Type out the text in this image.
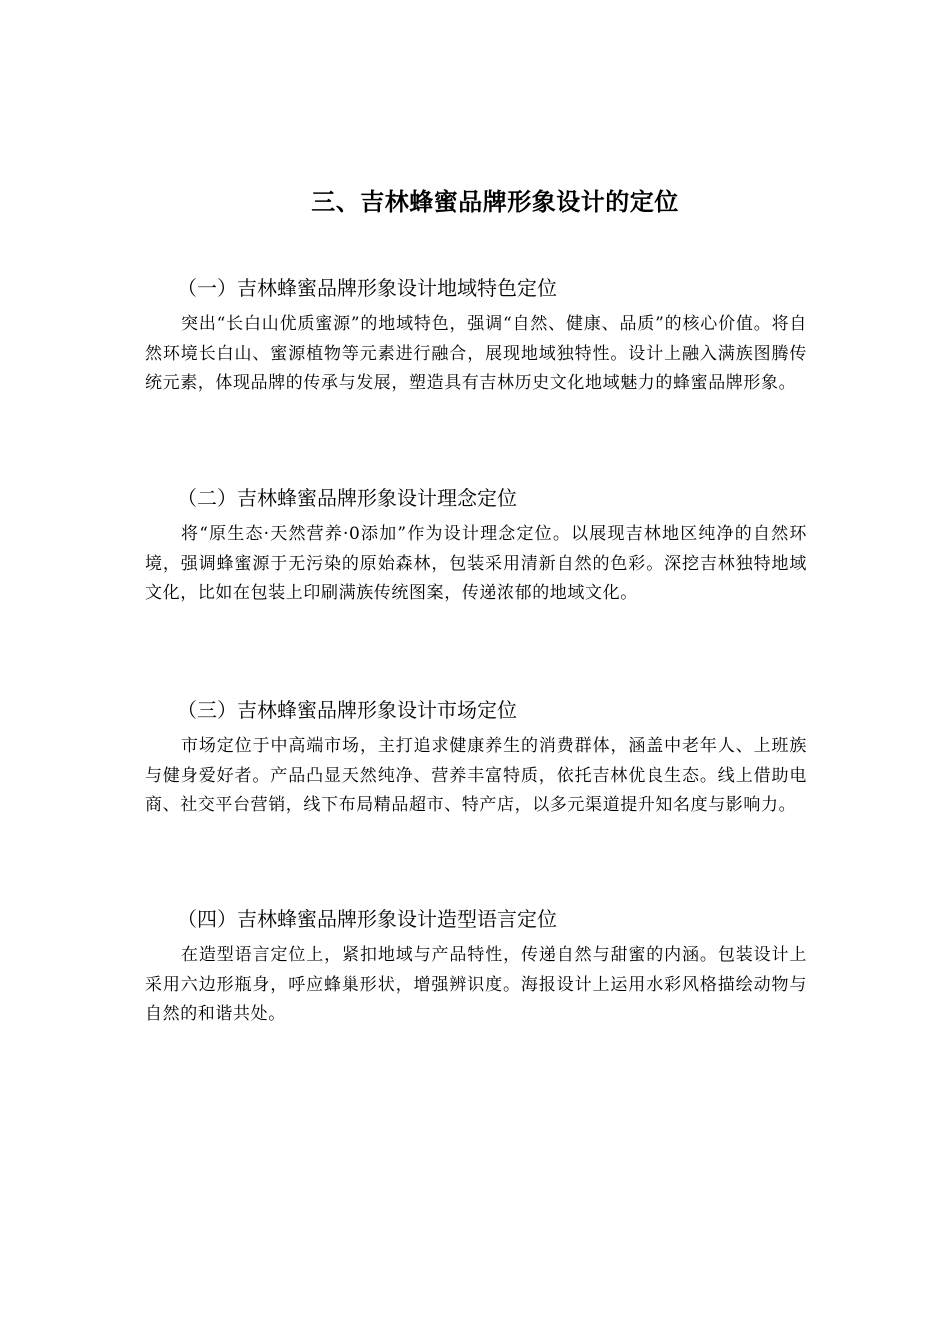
三、吉林蜂蜜品牌形象设计的定位
（一）吉林蜂蜜品牌形象设计地域特色定位

突出“长白山优质蜜源”的地域特色，强调“自然、健康、品质”的核心价值。将自然环境长白山、蜜源植物等元素进行融合，展现地域独特性。设计上融入满族图腾传统元素，体现品牌的传承与发展，塑造具有吉林历史文化地域魅力的蜂蜜品牌形象。

（二）吉林蜂蜜品牌形象设计理念定位

将“原生态·天然营养·0添加”作为设计理念定位。以展现吉林地区纯净的自然环境，强调蜂蜜源于无污染的原始森林，包装采用清新自然的色彩。深挖吉林独特地域文化，比如在包装上印刷满族传统图案，传递浓郁的地域文化。

（三）吉林蜂蜜品牌形象设计市场定位

市场定位于中高端市场，主打追求健康养生的消费群体，涵盖中老年人、上班族与健身爱好者。产品凸显天然纯净、营养丰富特质，依托吉林优良生态。线上借助电商、社交平台营销，线下布局精品超市、特产店，以多元渠道提升知名度与影响力。

（四）吉林蜂蜜品牌形象设计造型语言定位

在造型语言定位上，紧扣地域与产品特性，传递自然与甜蜜的内涵。包装设计上采用六边形瓶身，呼应蜂巢形状，增强辨识度。海报设计上运用水彩风格描绘动物与自然的和谐共处。
